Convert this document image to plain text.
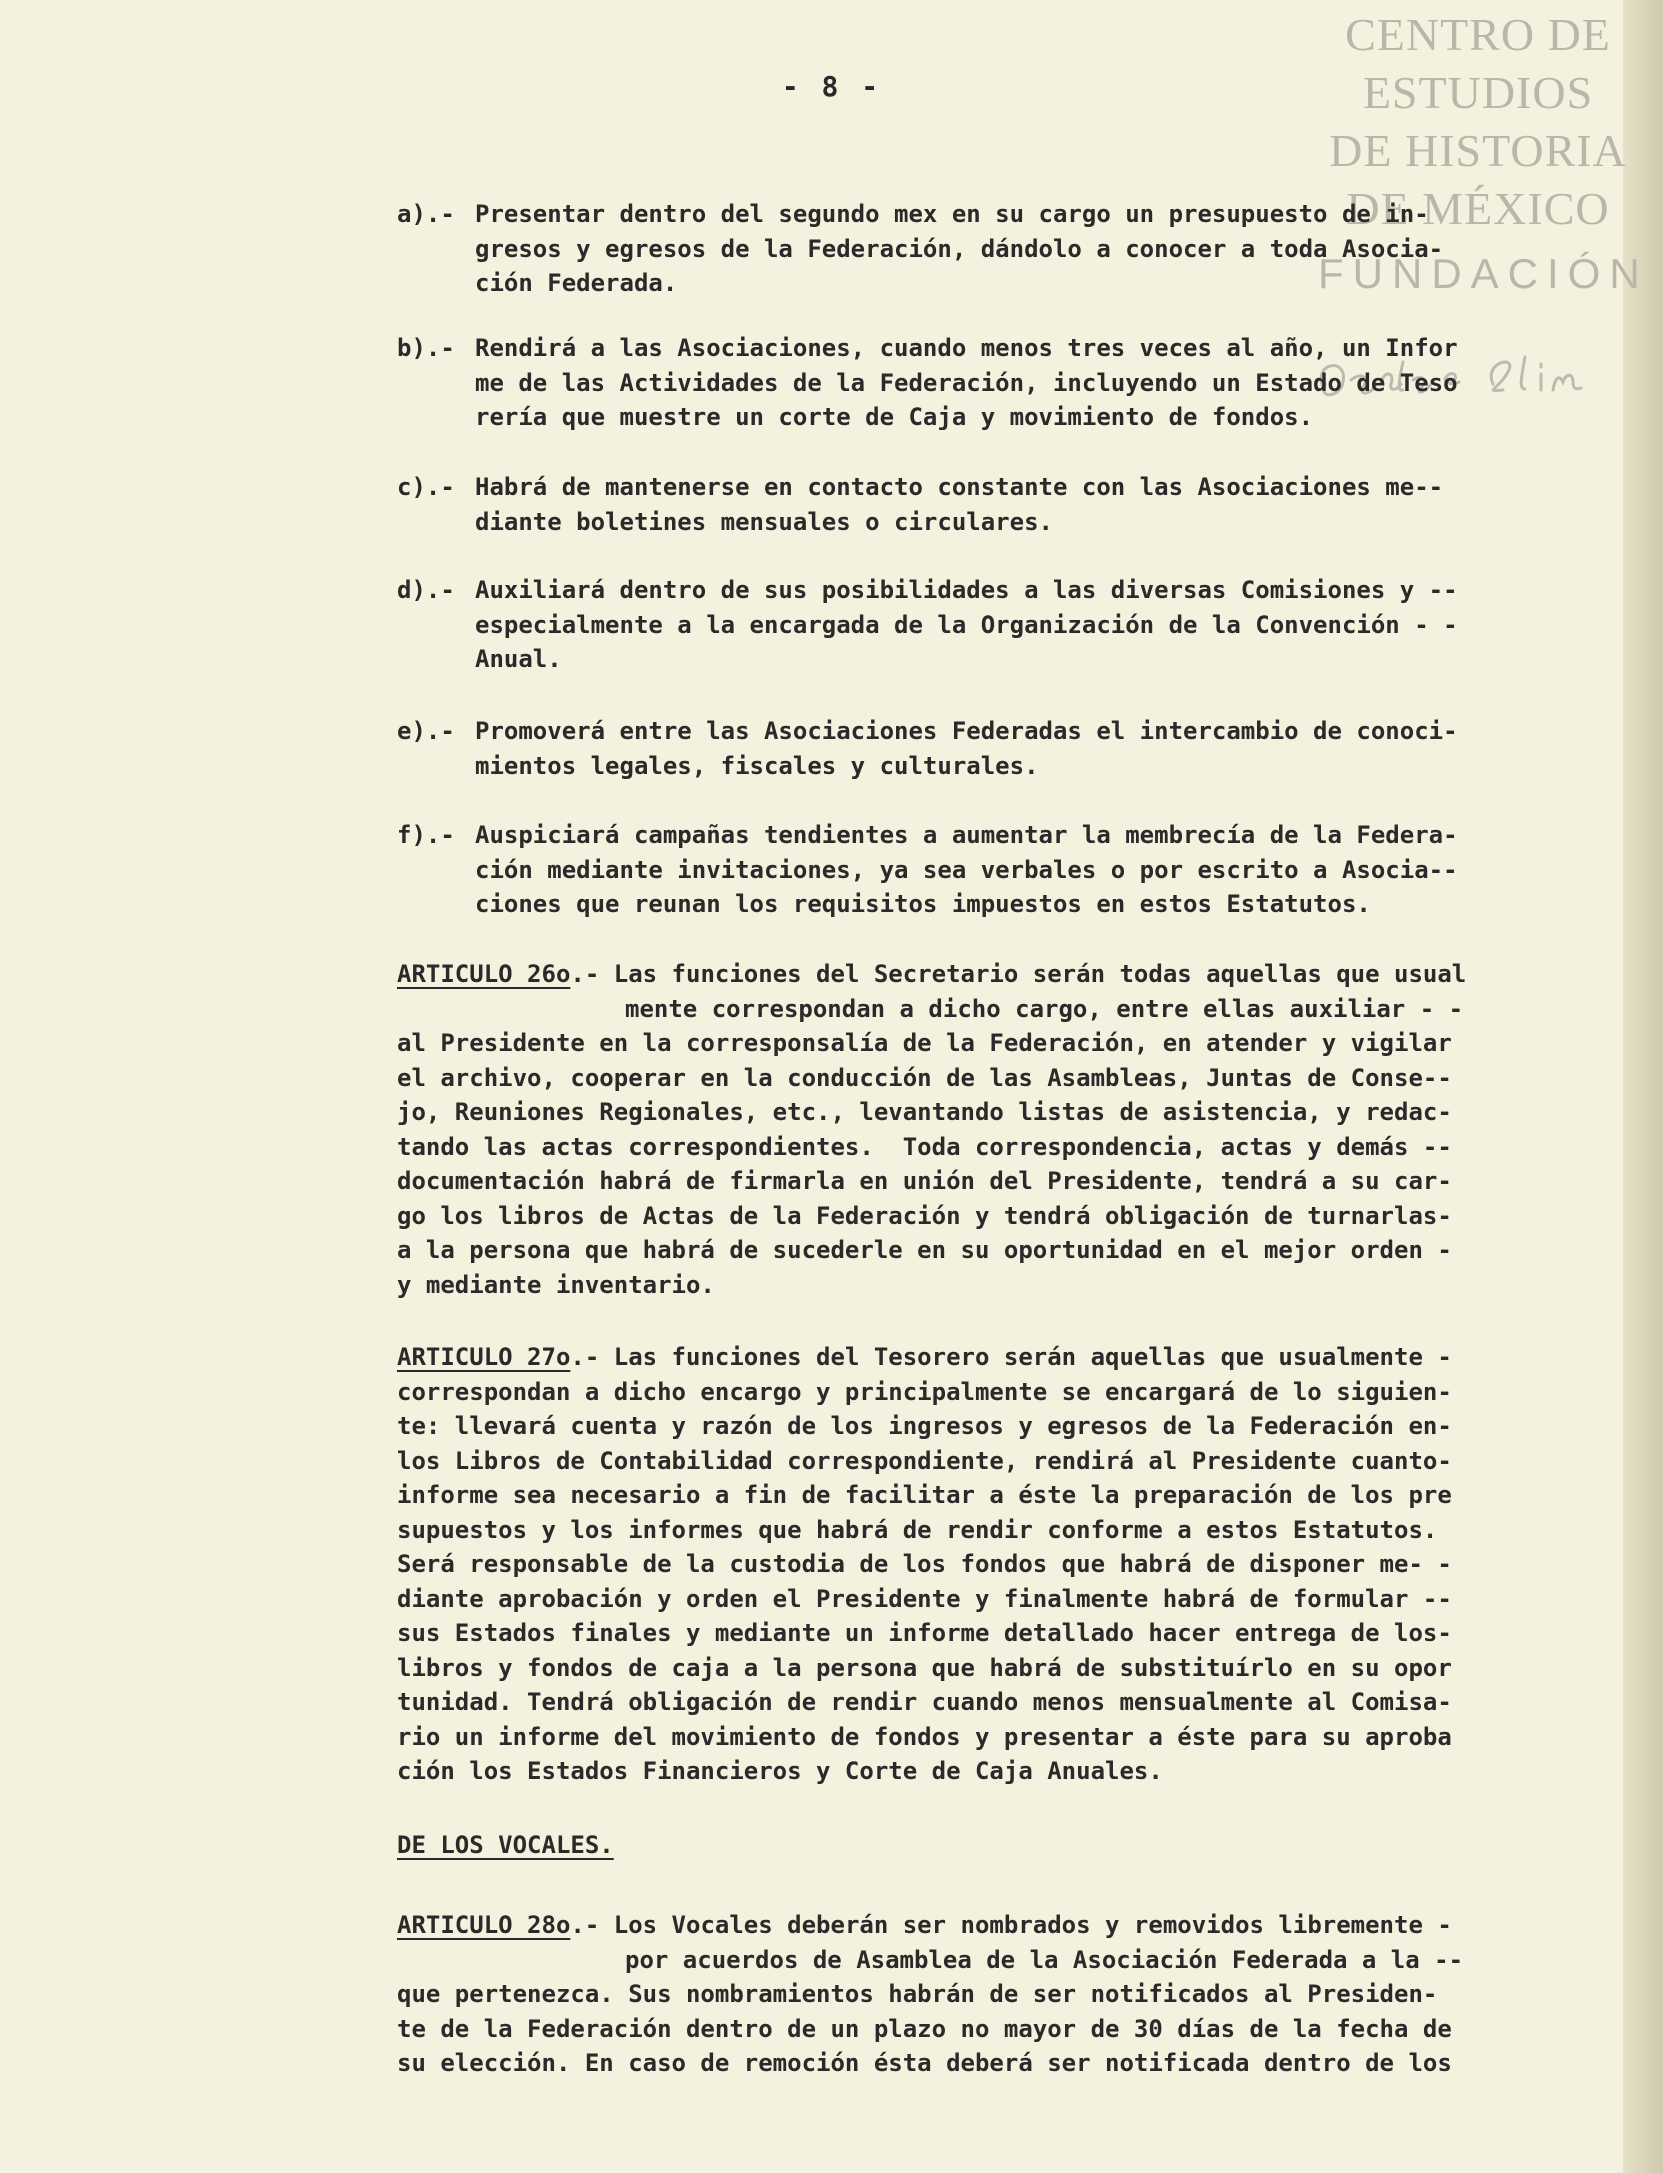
CENTRO DE
ESTUDIOS
DE HISTORIA
DE MÉXICO
FUNDACIÓN
- 8 -

a).- Presentar dentro del segundo mex en su cargo un presupuesto de in-

gresos y egresos de la Federación, dándolo a conocer a toda Asocia-

ción Federada.

b).- Rendirá a las Asociaciones, cuando menos tres veces al año, un Infor

me de las Actividades de la Federación, incluyendo un Estado de Teso

rería que muestre un corte de Caja y movimiento de fondos.

c).- Habrá de mantenerse en contacto constante con las Asociaciones me--

diante boletines mensuales o circulares.

d).- Auxiliará dentro de sus posibilidades a las diversas Comisiones y --

especialmente a la encargada de la Organización de la Convención - -

Anual.

e).- Promoverá entre las Asociaciones Federadas el intercambio de conoci-

mientos legales, fiscales y culturales.

f).- Auspiciará campañas tendientes a aumentar la membrecía de la Federa-

ción mediante invitaciones, ya sea verbales o por escrito a Asocia--

ciones que reunan los requisitos impuestos en estos Estatutos.

ARTICULO 26o.- Las funciones del Secretario serán todas aquellas que usual

mente correspondan a dicho cargo, entre ellas auxiliar - -

al Presidente en la corresponsalía de la Federación, en atender y vigilar

el archivo, cooperar en la conducción de las Asambleas, Juntas de Conse--

jo, Reuniones Regionales, etc., levantando listas de asistencia, y redac-

tando las actas correspondientes.  Toda correspondencia, actas y demás --

documentación habrá de firmarla en unión del Presidente, tendrá a su car-

go los libros de Actas de la Federación y tendrá obligación de turnarlas-

a la persona que habrá de sucederle en su oportunidad en el mejor orden -

y mediante inventario.

ARTICULO 27o.- Las funciones del Tesorero serán aquellas que usualmente -

correspondan a dicho encargo y principalmente se encargará de lo siguien-

te: llevará cuenta y razón de los ingresos y egresos de la Federación en-

los Libros de Contabilidad correspondiente, rendirá al Presidente cuanto-

informe sea necesario a fin de facilitar a éste la preparación de los pre

supuestos y los informes que habrá de rendir conforme a estos Estatutos.

Será responsable de la custodia de los fondos que habrá de disponer me- -

diante aprobación y orden el Presidente y finalmente habrá de formular --

sus Estados finales y mediante un informe detallado hacer entrega de los-

libros y fondos de caja a la persona que habrá de substituírlo en su opor

tunidad. Tendrá obligación de rendir cuando menos mensualmente al Comisa-

rio un informe del movimiento de fondos y presentar a éste para su aproba

ción los Estados Financieros y Corte de Caja Anuales.

DE LOS VOCALES.

ARTICULO 28o.- Los Vocales deberán ser nombrados y removidos libremente -

por acuerdos de Asamblea de la Asociación Federada a la --

que pertenezca. Sus nombramientos habrán de ser notificados al Presiden-

te de la Federación dentro de un plazo no mayor de 30 días de la fecha de

su elección. En caso de remoción ésta deberá ser notificada dentro de los
